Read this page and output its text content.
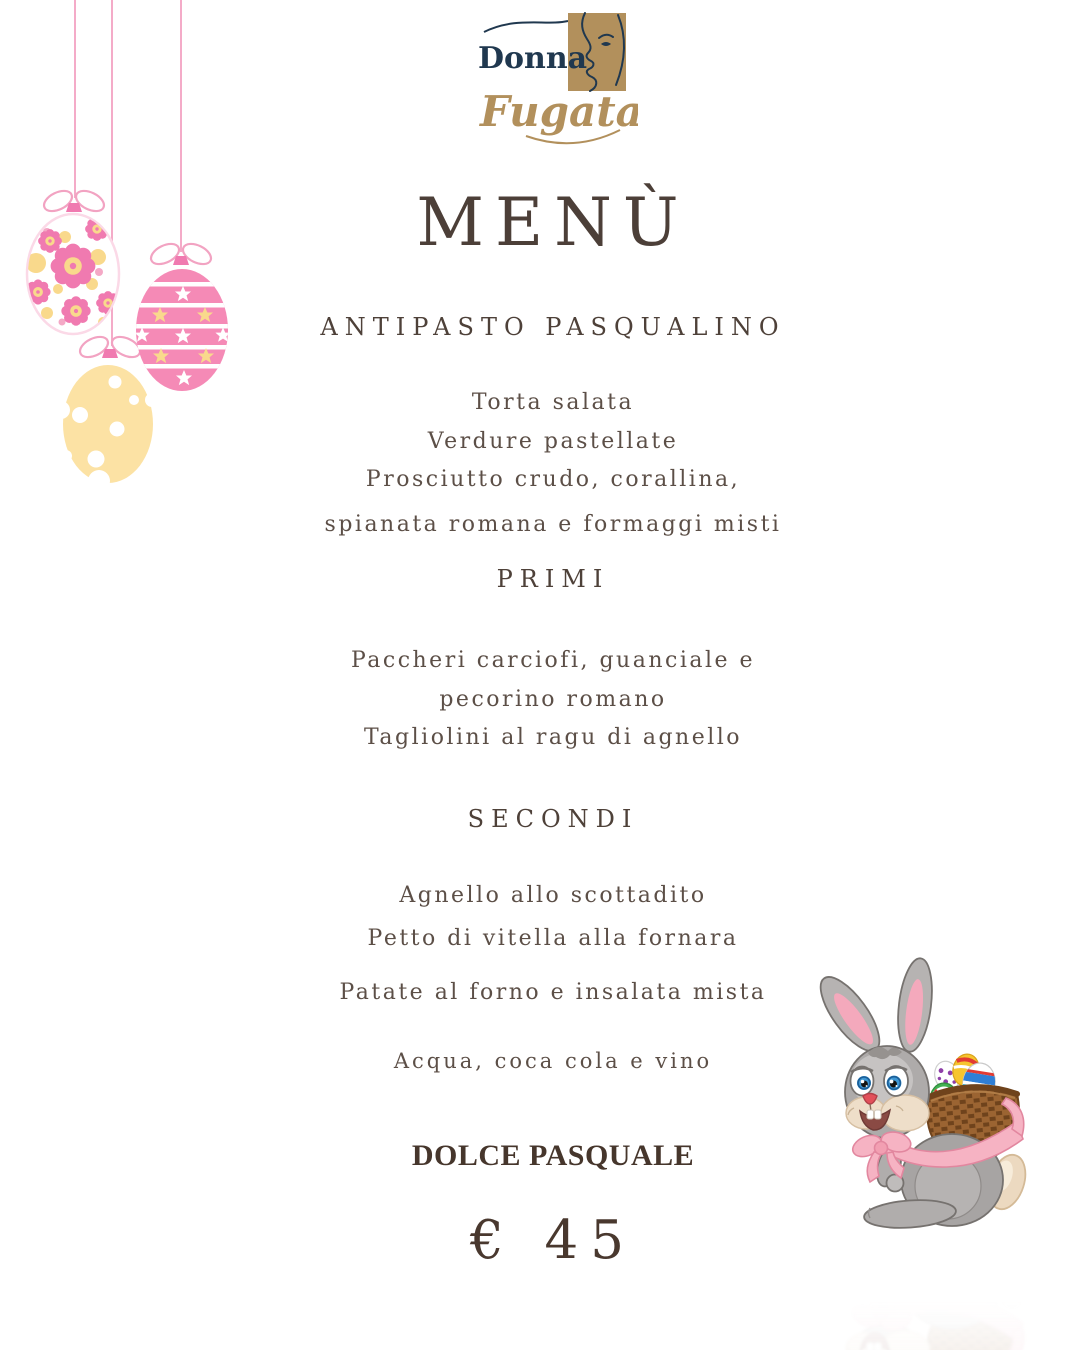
Donna
Fugata
MENÙ
ANTIPASTO PASQUALINO

Torta salata

Verdure pastellate

Prosciutto crudo, corallina,

spianata romana e formaggi misti

PRIMI

Paccheri carciofi, guanciale e

pecorino romano

Tagliolini al ragu di agnello

SECONDI

Agnello allo scottadito

Petto di vitella alla fornara

Patate al forno e insalata mista

Acqua, coca cola e vino

DOLCE PASQUALE
€ 45
